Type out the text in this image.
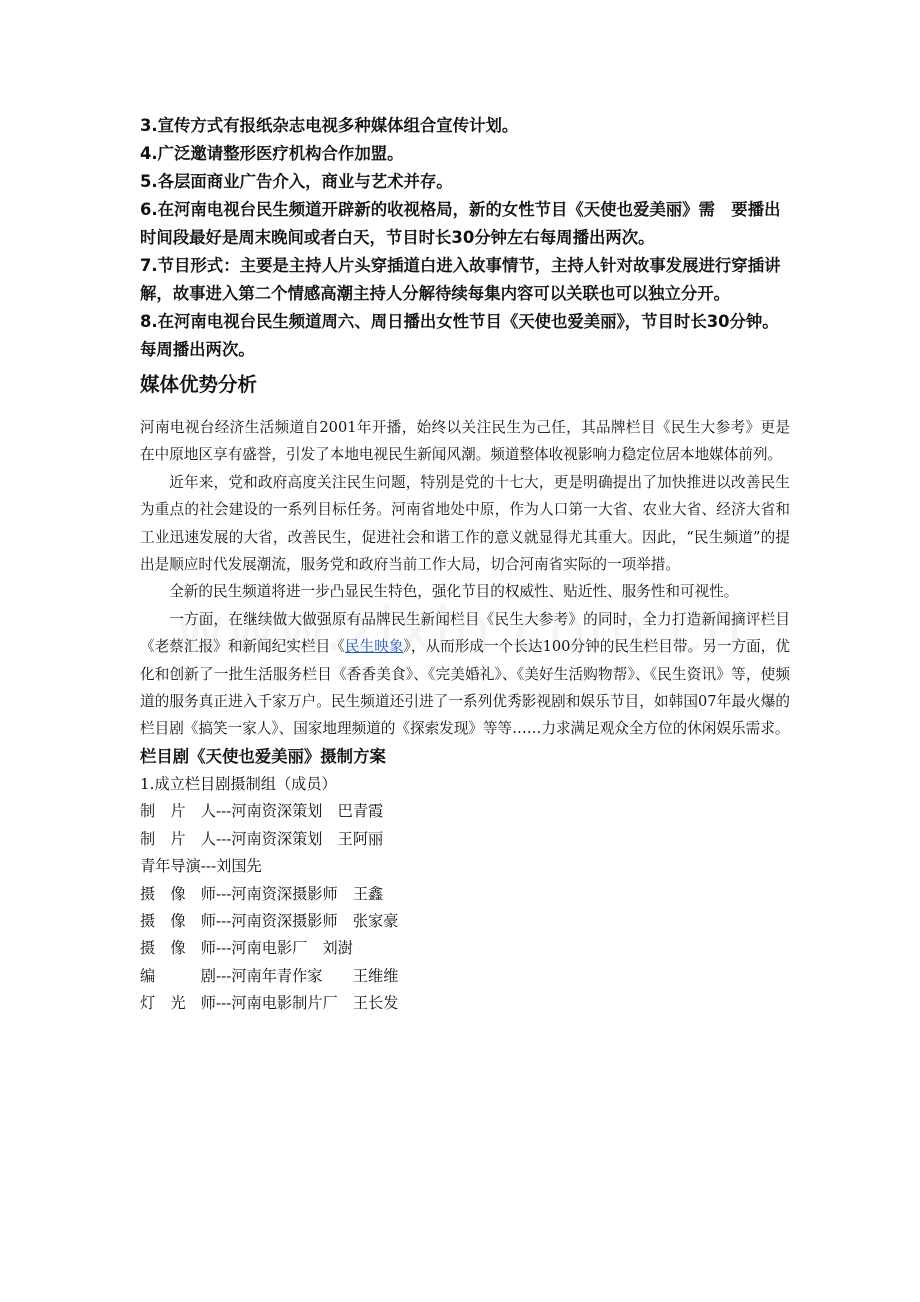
3.宣传方式有报纸杂志电视多种媒体组合宣传计划。

4.广泛邀请整形医疗机构合作加盟。

5.各层面商业广告介入，商业与艺术并存。

6.在河南电视台民生频道开辟新的收视格局，新的女性节目《天使也爱美丽》需　要播出时间段最好是周末晚间或者白天，节目时长30分钟左右每周播出两次。

7.节目形式：主要是主持人片头穿插道白进入故事情节，主持人针对故事发展进行穿插讲解，故事进入第二个情感高潮主持人分解待续每集内容可以关联也可以独立分开。

8.在河南电视台民生频道周六、周日播出女性节目《天使也爱美丽》，节目时长30分钟。每周播出两次。

媒体优势分析

河南电视台经济生活频道自2001年开播，始终以关注民生为己任，其品牌栏目《民生大参考》更是在中原地区享有盛誉，引发了本地电视民生新闻风潮。频道整体收视影响力稳定位居本地媒体前列。

近年来，党和政府高度关注民生问题，特别是党的十七大，更是明确提出了加快推进以改善民生为重点的社会建设的一系列目标任务。河南省地处中原，作为人口第一大省、农业大省、经济大省和工业迅速发展的大省，改善民生，促进社会和谐工作的意义就显得尤其重大。因此，“民生频道”的提出是顺应时代发展潮流，服务党和政府当前工作大局，切合河南省实际的一项举措。

全新的民生频道将进一步凸显民生特色，强化节目的权威性、贴近性、服务性和可视性。

一方面，在继续做大做强原有品牌民生新闻栏目《民生大参考》的同时，全力打造新闻摘评栏目《老蔡汇报》和新闻纪实栏目《民生映象》，从而形成一个长达100分钟的民生栏目带。另一方面，优化和创新了一批生活服务栏目《香香美食》、《完美婚礼》、《美好生活购物帮》、《民生资讯》等，使频道的服务真正进入千家万户。民生频道还引进了一系列优秀影视剧和娱乐节目，如韩国07年最火爆的栏目剧《搞笑一家人》、国家地理频道的《探索发现》等等……力求满足观众全方位的休闲娱乐需求。

栏目剧《天使也爱美丽》摄制方案

1.成立栏目剧摄制组（成员）

制　片　人---河南资深策划　巴青霞

制　片　人---河南资深策划　王阿丽

青年导演---刘国先

摄　像　师---河南资深摄影师　王鑫

摄　像　师---河南资深摄影师　张家豪

摄　像　师---河南电影厂　刘澍

编　　　剧---河南年青作家　　王维维

灯　光　师---河南电影制片厂　王长发
